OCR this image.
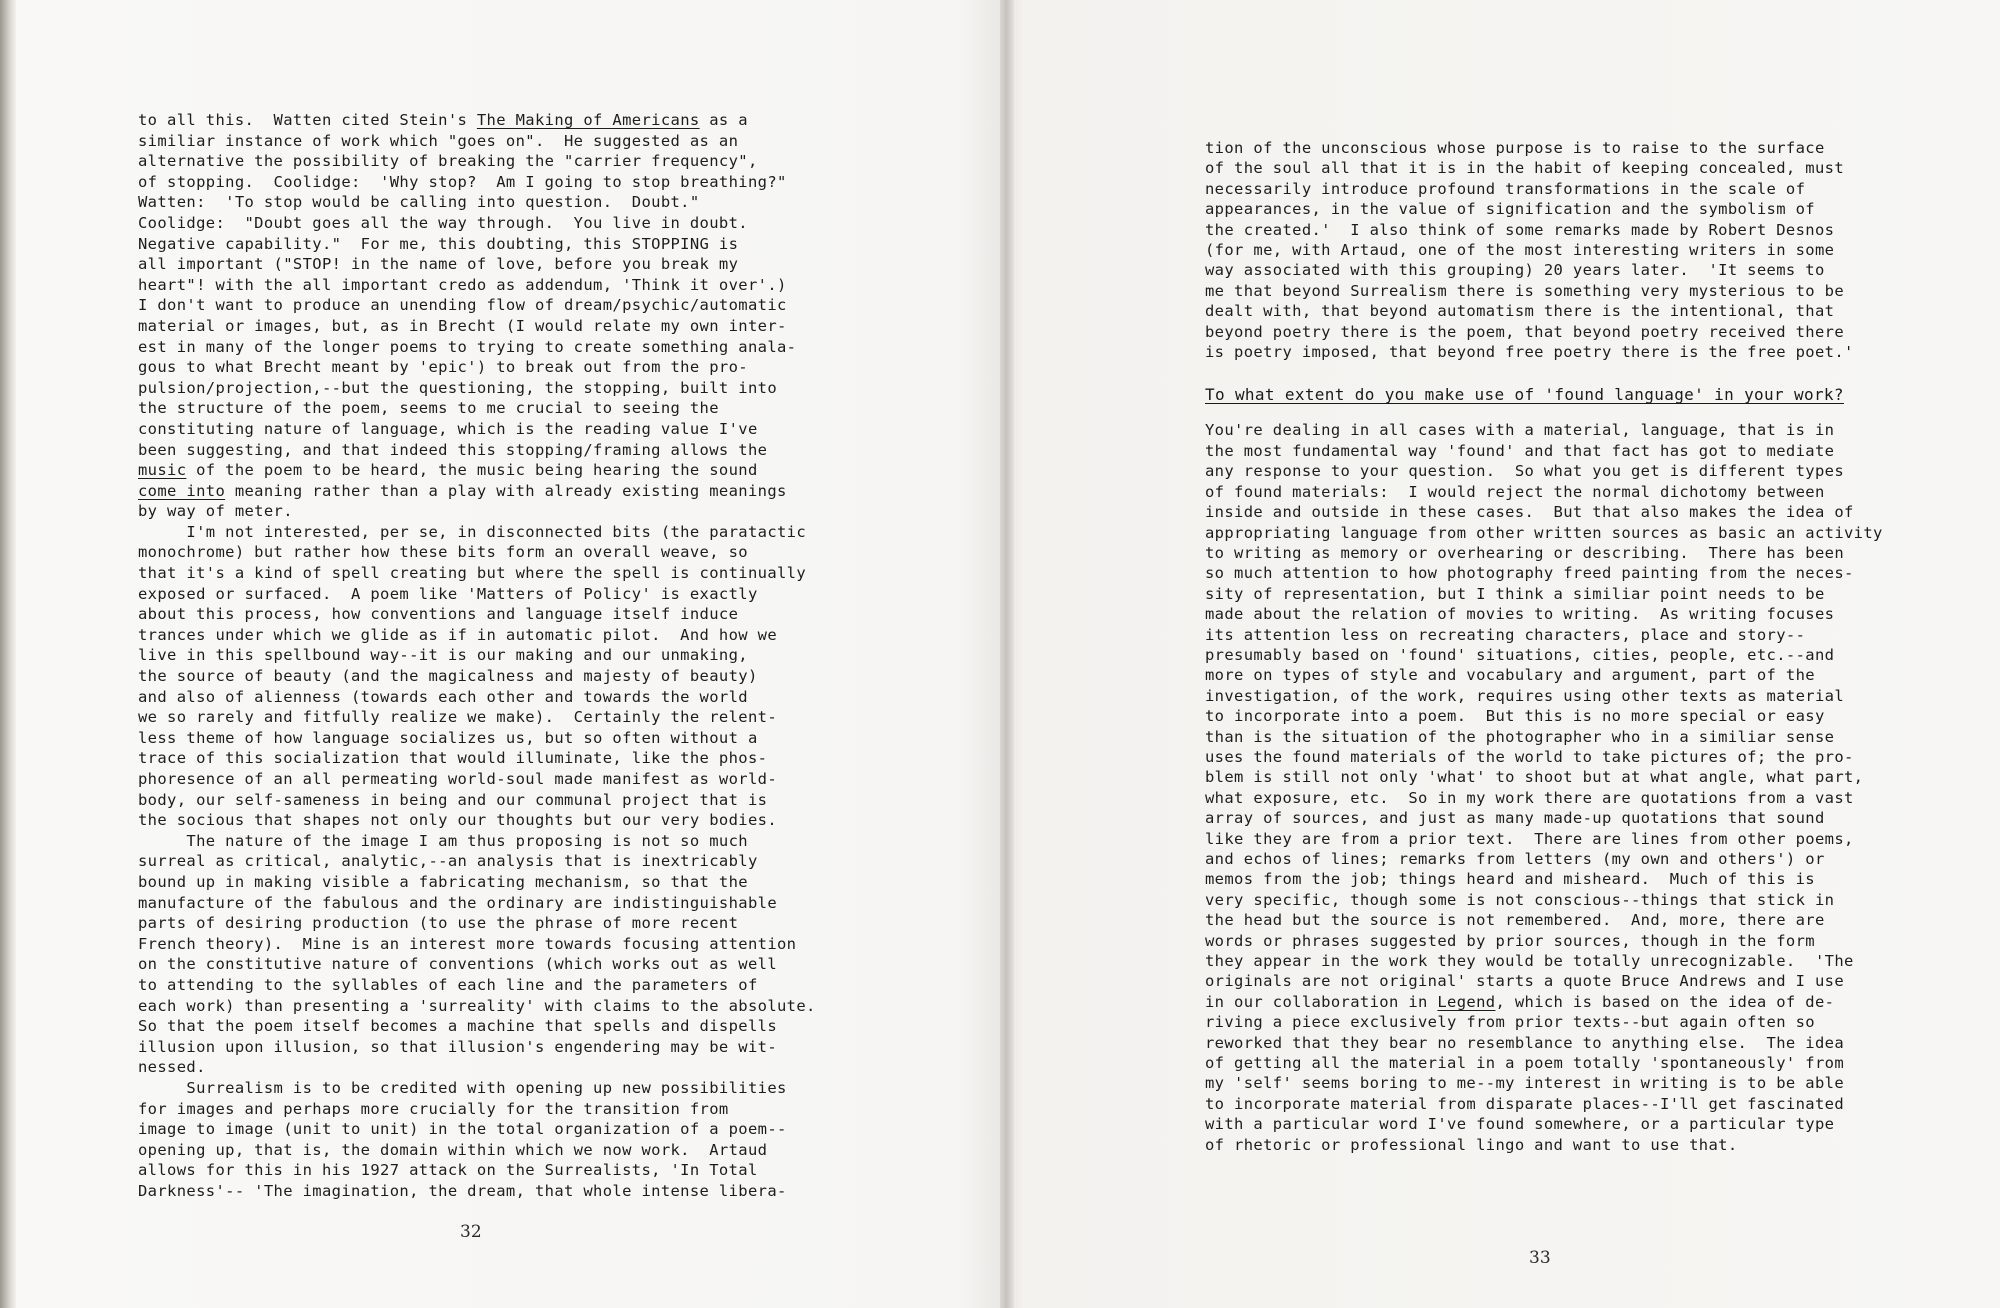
to all this.  Watten cited Stein's The Making of Americans as a
similiar instance of work which "goes on".  He suggested as an
alternative the possibility of breaking the "carrier frequency",
of stopping.  Coolidge:  'Why stop?  Am I going to stop breathing?"
Watten:  'To stop would be calling into question.  Doubt."
Coolidge:  "Doubt goes all the way through.  You live in doubt.
Negative capability."  For me, this doubting, this STOPPING is
all important ("STOP! in the name of love, before you break my
heart"! with the all important credo as addendum, 'Think it over'.)
I don't want to produce an unending flow of dream/psychic/automatic
material or images, but, as in Brecht (I would relate my own inter-
est in many of the longer poems to trying to create something anala-
gous to what Brecht meant by 'epic') to break out from the pro-
pulsion/projection,--but the questioning, the stopping, built into
the structure of the poem, seems to me crucial to seeing the
constituting nature of language, which is the reading value I've
been suggesting, and that indeed this stopping/framing allows the
music of the poem to be heard, the music being hearing the sound
come into meaning rather than a play with already existing meanings
by way of meter.
I'm not interested, per se, in disconnected bits (the paratactic
monochrome) but rather how these bits form an overall weave, so
that it's a kind of spell creating but where the spell is continually
exposed or surfaced.  A poem like 'Matters of Policy' is exactly
about this process, how conventions and language itself induce
trances under which we glide as if in automatic pilot.  And how we
live in this spellbound way--it is our making and our unmaking,
the source of beauty (and the magicalness and majesty of beauty)
and also of alienness (towards each other and towards the world
we so rarely and fitfully realize we make).  Certainly the relent-
less theme of how language socializes us, but so often without a
trace of this socialization that would illuminate, like the phos-
phoresence of an all permeating world-soul made manifest as world-
body, our self-sameness in being and our communal project that is
the socious that shapes not only our thoughts but our very bodies.
The nature of the image I am thus proposing is not so much
surreal as critical, analytic,--an analysis that is inextricably
bound up in making visible a fabricating mechanism, so that the
manufacture of the fabulous and the ordinary are indistinguishable
parts of desiring production (to use the phrase of more recent
French theory).  Mine is an interest more towards focusing attention
on the constitutive nature of conventions (which works out as well
to attending to the syllables of each line and the parameters of
each work) than presenting a 'surreality' with claims to the absolute.
So that the poem itself becomes a machine that spells and dispells
illusion upon illusion, so that illusion's engendering may be wit-
nessed.
Surrealism is to be credited with opening up new possibilities
for images and perhaps more crucially for the transition from
image to image (unit to unit) in the total organization of a poem--
opening up, that is, the domain within which we now work.  Artaud
allows for this in his 1927 attack on the Surrealists, 'In Total
Darkness'-- 'The imagination, the dream, that whole intense libera-
32
tion of the unconscious whose purpose is to raise to the surface
of the soul all that it is in the habit of keeping concealed, must
necessarily introduce profound transformations in the scale of
appearances, in the value of signification and the symbolism of
the created.'  I also think of some remarks made by Robert Desnos
(for me, with Artaud, one of the most interesting writers in some
way associated with this grouping) 20 years later.  'It seems to
me that beyond Surrealism there is something very mysterious to be
dealt with, that beyond automatism there is the intentional, that
beyond poetry there is the poem, that beyond poetry received there
is poetry imposed, that beyond free poetry there is the free poet.'
To what extent do you make use of 'found language' in your work?
You're dealing in all cases with a material, language, that is in
the most fundamental way 'found' and that fact has got to mediate
any response to your question.  So what you get is different types
of found materials:  I would reject the normal dichotomy between
inside and outside in these cases.  But that also makes the idea of
appropriating language from other written sources as basic an activity
to writing as memory or overhearing or describing.  There has been
so much attention to how photography freed painting from the neces-
sity of representation, but I think a similiar point needs to be
made about the relation of movies to writing.  As writing focuses
its attention less on recreating characters, place and story--
presumably based on 'found' situations, cities, people, etc.--and
more on types of style and vocabulary and argument, part of the
investigation, of the work, requires using other texts as material
to incorporate into a poem.  But this is no more special or easy
than is the situation of the photographer who in a similiar sense
uses the found materials of the world to take pictures of; the pro-
blem is still not only 'what' to shoot but at what angle, what part,
what exposure, etc.  So in my work there are quotations from a vast
array of sources, and just as many made-up quotations that sound
like they are from a prior text.  There are lines from other poems,
and echos of lines; remarks from letters (my own and others') or
memos from the job; things heard and misheard.  Much of this is
very specific, though some is not conscious--things that stick in
the head but the source is not remembered.  And, more, there are
words or phrases suggested by prior sources, though in the form
they appear in the work they would be totally unrecognizable.  'The
originals are not original' starts a quote Bruce Andrews and I use
in our collaboration in Legend, which is based on the idea of de-
riving a piece exclusively from prior texts--but again often so
reworked that they bear no resemblance to anything else.  The idea
of getting all the material in a poem totally 'spontaneously' from
my 'self' seems boring to me--my interest in writing is to be able
to incorporate material from disparate places--I'll get fascinated
with a particular word I've found somewhere, or a particular type
of rhetoric or professional lingo and want to use that.
33
